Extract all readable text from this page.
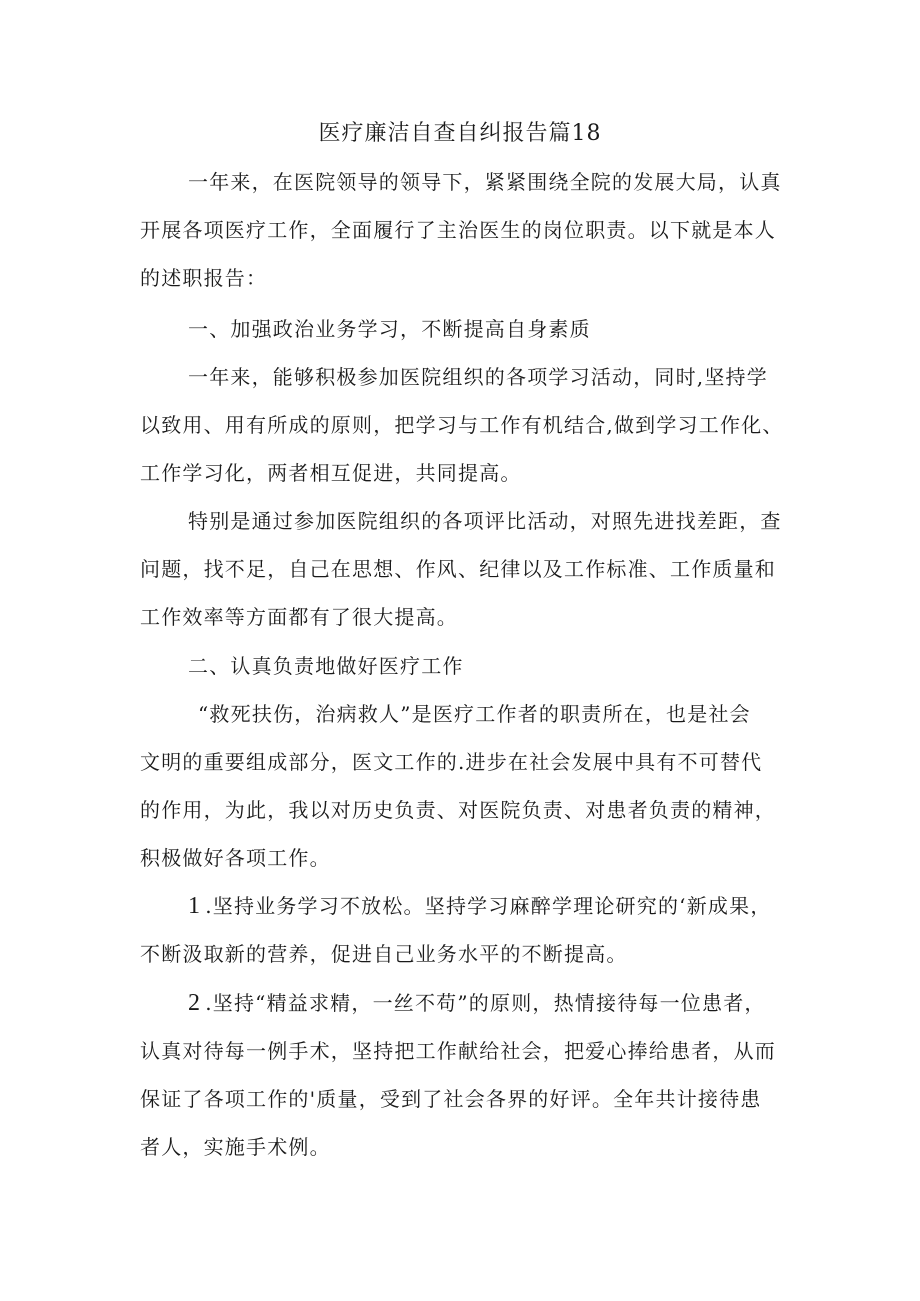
医疗廉洁自查自纠报告篇18
一年来，在医院领导的领导下，紧紧围绕全院的发展大局，认真
开展各项医疗工作，全面履行了主治医生的岗位职责。以下就是本人
的述职报告：
一、加强政治业务学习，不断提高自身素质
一年来，能够积极参加医院组织的各项学习活动，同时,坚持学
以致用、用有所成的原则，把学习与工作有机结合,做到学习工作化、
工作学习化，两者相互促进，共同提高。
特别是通过参加医院组织的各项评比活动，对照先进找差距，查
问题，找不足，自己在思想、作风、纪律以及工作标准、工作质量和
工作效率等方面都有了很大提高。
二、认真负责地做好医疗工作
“救死扶伤，治病救人”是医疗工作者的职责所在，也是社会
文明的重要组成部分，医文工作的.进步在社会发展中具有不可替代
的作用，为此，我以对历史负责、对医院负责、对患者负责的精神，
积极做好各项工作。
1 .坚持业务学习不放松。坚持学习麻醉学理论研究的‘新成果，
不断汲取新的营养，促进自己业务水平的不断提高。
2 .坚持“精益求精，一丝不苟”的原则，热情接待每一位患者，
认真对待每一例手术，坚持把工作献给社会，把爱心捧给患者，从而
保证了各项工作的'质量，受到了社会各界的好评。全年共计接待患
者人，实施手术例。
